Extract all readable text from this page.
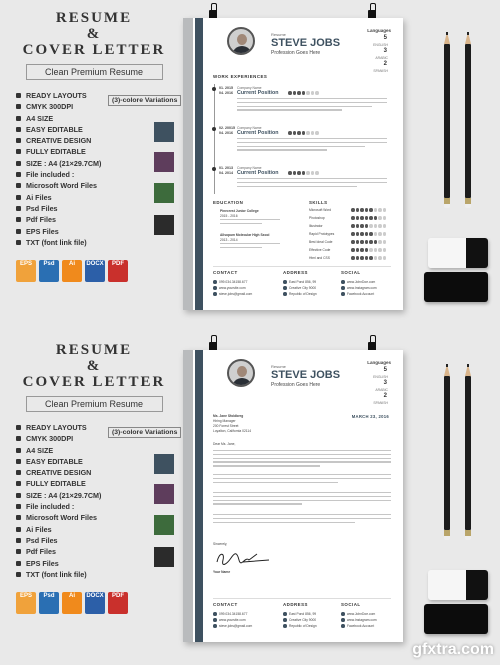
RESUME
&
COVER LETTER
Clean Premium Resume
READY LAYOUTS
CMYK 300DPI
A4 SIZE
EASY EDITABLE
CREATIVE DESIGN
FULLY EDITABLE
SIZE : A4 (21×29.7CM)
File included :
Microsoft Word Files
Ai Files
Psd Files
Pdf Files
EPS Files
TXT (font link file)
(3)-colore Variations
EPS	Psd	Ai	DOCX	PDF
Resume
STEVE JOBS
Profession Goes Here
Languages
5
ENGLISH
3
ARABIC
2
SPANISH
WORK EXPERIENCES
01. 2015
04. 2016
Company Name
Current Position
02. 20015
04. 2016
Company Name
Current Position
01. 2013
04. 2014
Company Name
Current Position
EDUCATION	SKILLS
Pinecrest Junior College
2015 - 2016
Allsopum Molecular High Sxool
2013 - 2014
Microsoft Word
Photoshop
Illustrator
Rapid Prototypes
Best Ideal Code
Effective Code
Html and CSS
CONTACT	ADDRESS	SOCIAL
099.034.34158.677
www.yoursite.com
steve.jobs@gmail.com
East Pond 856, 99
Creative City 9000
Republic of Design
www.JohnDoe.com
www.Instagram.com
Facebook Account
RESUME
&
COVER LETTER
Clean Premium Resume
READY LAYOUTS
CMYK 300DPI
A4 SIZE
EASY EDITABLE
CREATIVE DESIGN
FULLY EDITABLE
SIZE : A4 (21×29.7CM)
File included :
Microsoft Word Files
Ai Files
Psd Files
Pdf Files
EPS Files
TXT (font link file)
(3)-colore Variations
EPS	Psd	Ai	DOCX	PDF
Resume
STEVE JOBS
Profession Goes Here
Languages
5
ENGLISH
3
ARABIC
2
SPANISH
Ms. Jane Sfoldberg
Hiring Manager
200 Forest Street
Loyalton, California 02114
MARCH 23, 2016
Dear Ms. Jane,
Sincerely,
Your Name
CONTACT	ADDRESS	SOCIAL
099.034.34158.677
www.yoursite.com
steve.jobs@gmail.com
East Pond 856, 99
Creative City 9000
Republic of Design
www.JohnDoe.com
www.Instagram.com
Facebook Account
gfxtra.com
